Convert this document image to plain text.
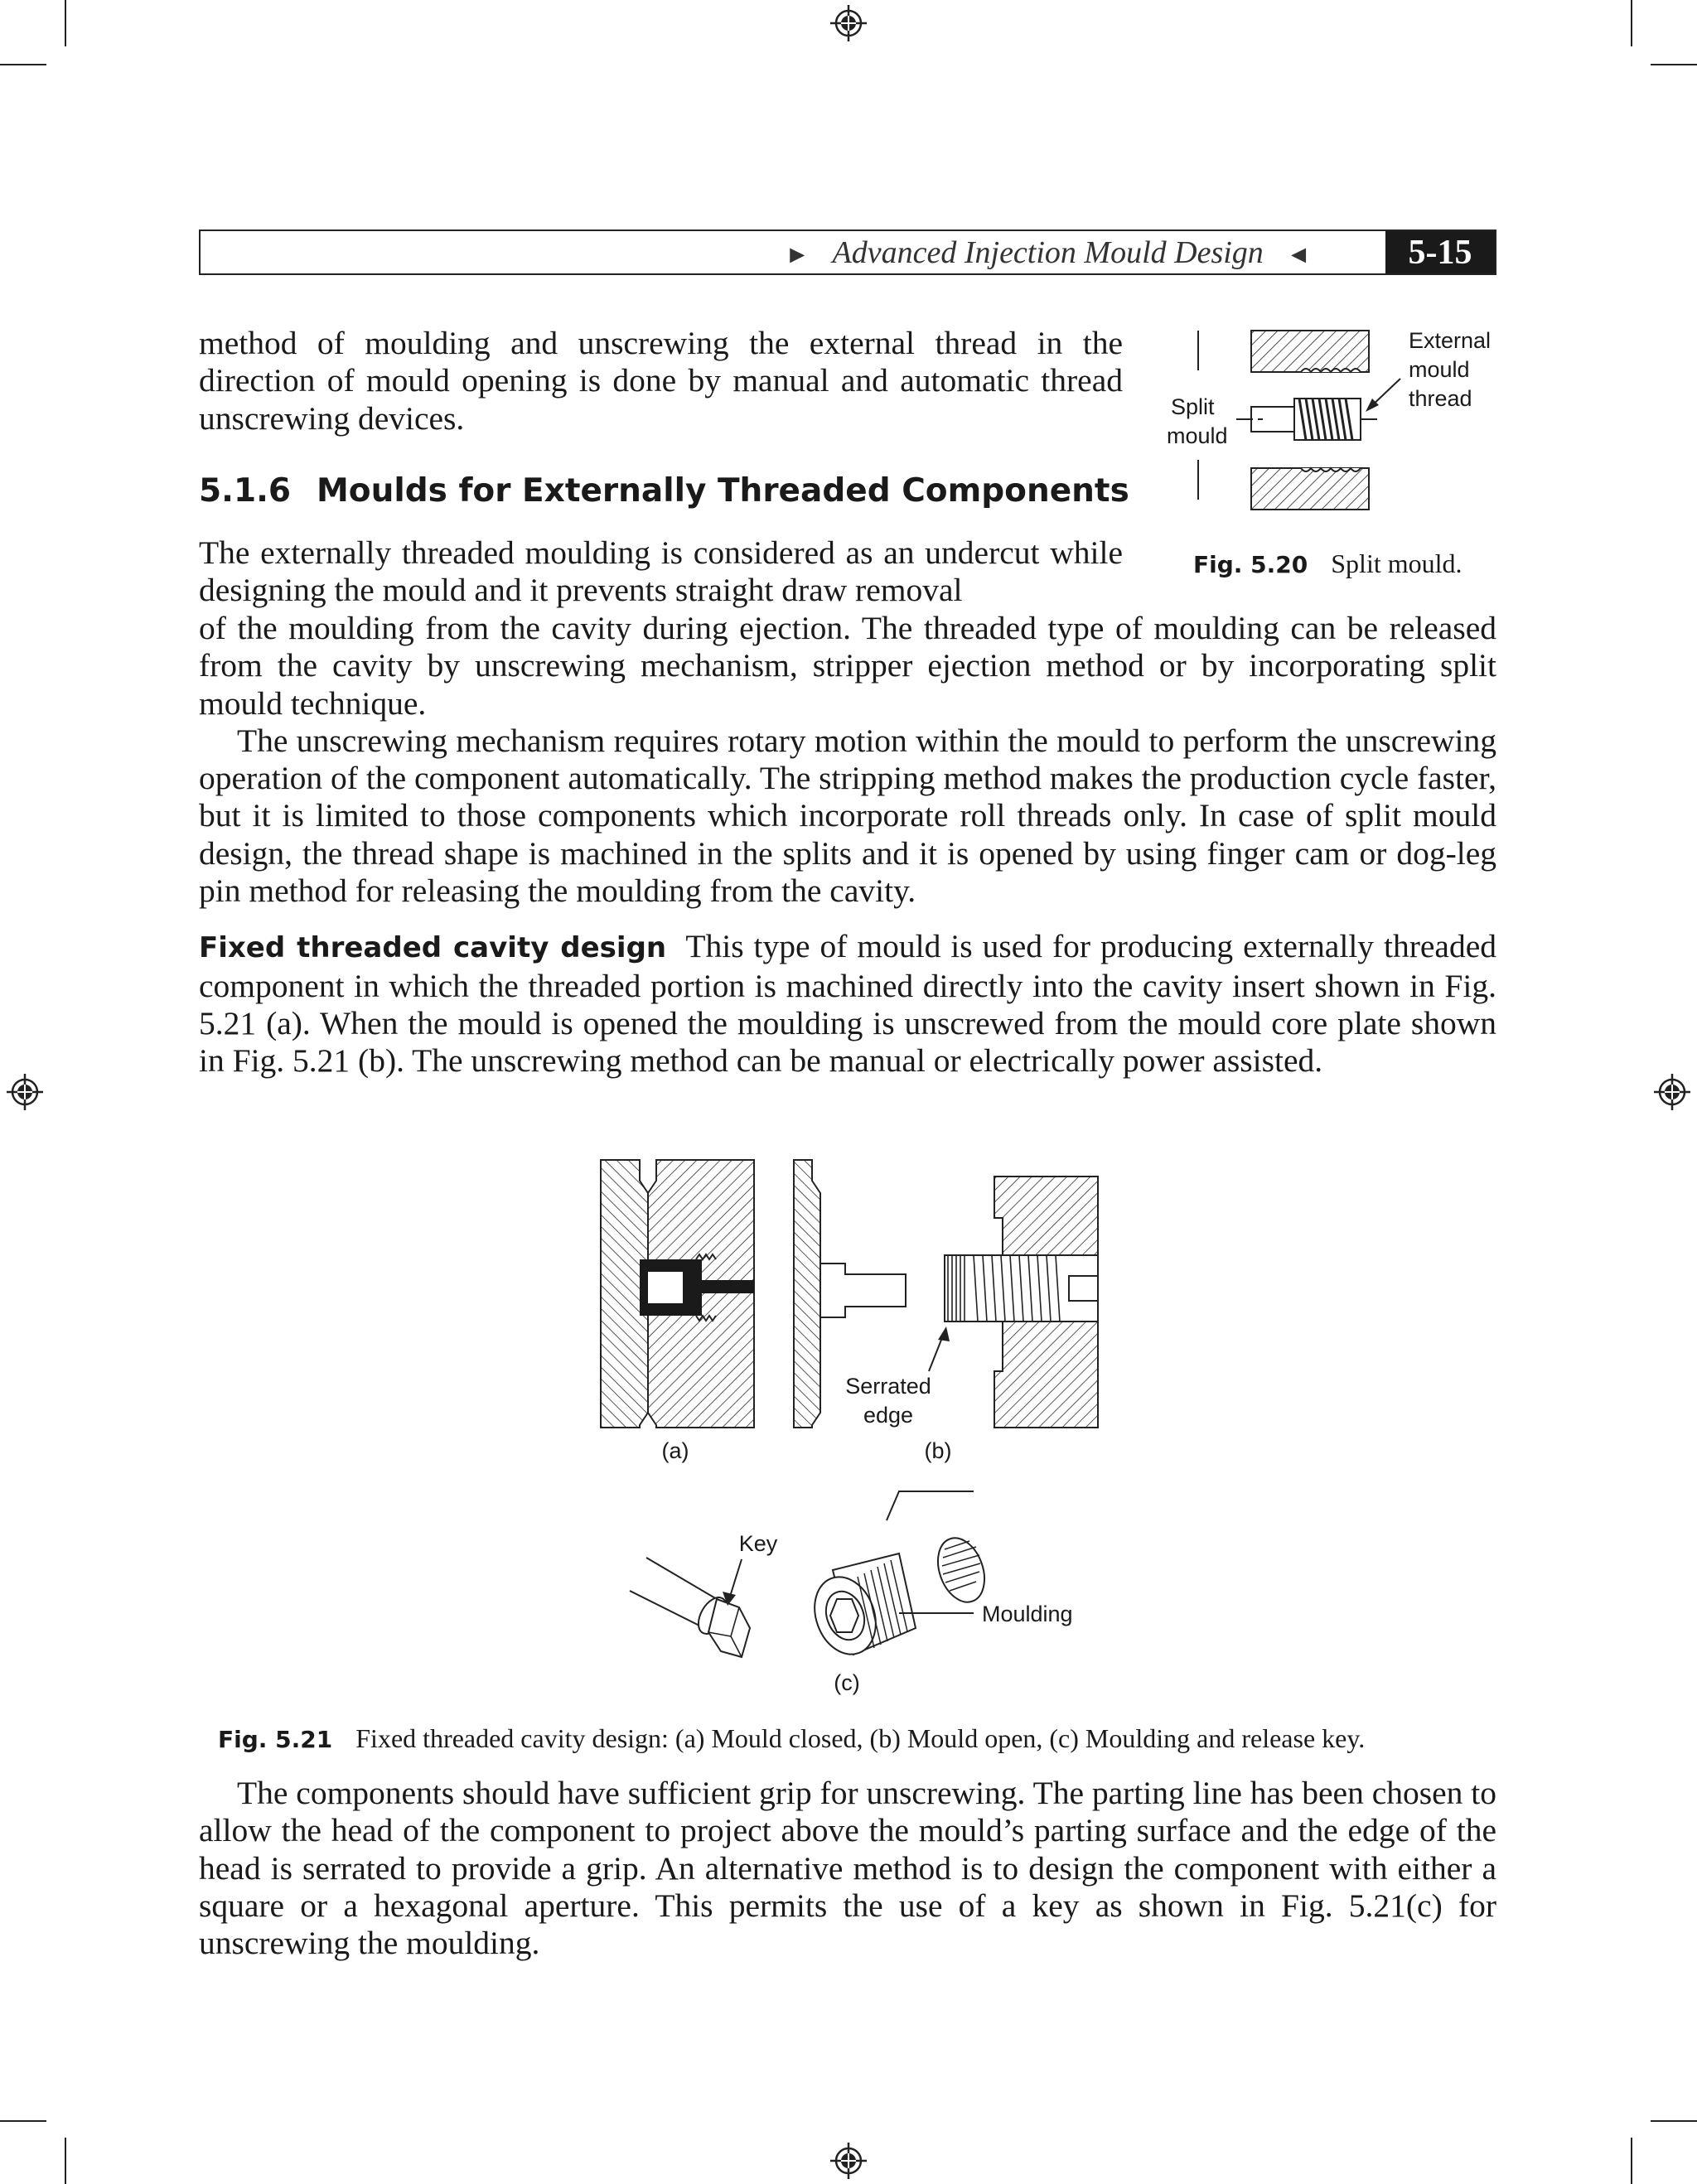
► Advanced Injection Mould Design ◄	5-15

method of moulding and unscrewing the external thread in the direction of mould opening is done by manual and automatic thread unscrewing devices.

5.1.6 Moulds for Externally Threaded Components

The externally threaded moulding is considered as an undercut while designing the mould and it prevents straight draw removal

of the moulding from the cavity during ejection. The threaded type of moulding can be released from the cavity by unscrewing mechanism, stripper ejection method or by incorporating split mould technique.

The unscrewing mechanism requires rotary motion within the mould to perform the unscrewing operation of the component automatically. The stripping method makes the production cycle faster, but it is limited to those components which incorporate roll threads only. In case of split mould design, the thread shape is machined in the splits and it is opened by using finger cam or dog-leg pin method for releasing the moulding from the cavity.

Fixed threaded cavity design This type of mould is used for producing externally threaded component in which the threaded portion is machined directly into the cavity insert shown in Fig. 5.21 (a). When the mould is opened the moulding is unscrewed from the mould core plate shown in Fig. 5.21 (b). The unscrewing method can be manual or electrically power assisted.

Split
mould
External
mould
thread
Fig. 5.20 Split mould.
Serrated
edge
(a)	(b)
Key
Moulding
(c)
Fig. 5.21 Fixed threaded cavity design: (a) Mould closed, (b) Mould open, (c) Moulding and release key.

The components should have sufficient grip for unscrewing. The parting line has been chosen to allow the head of the component to project above the mould’s parting surface and the edge of the head is serrated to provide a grip. An alternative method is to design the component with either a square or a hexagonal aperture. This permits the use of a key as shown in Fig. 5.21(c) for unscrewing the moulding.
